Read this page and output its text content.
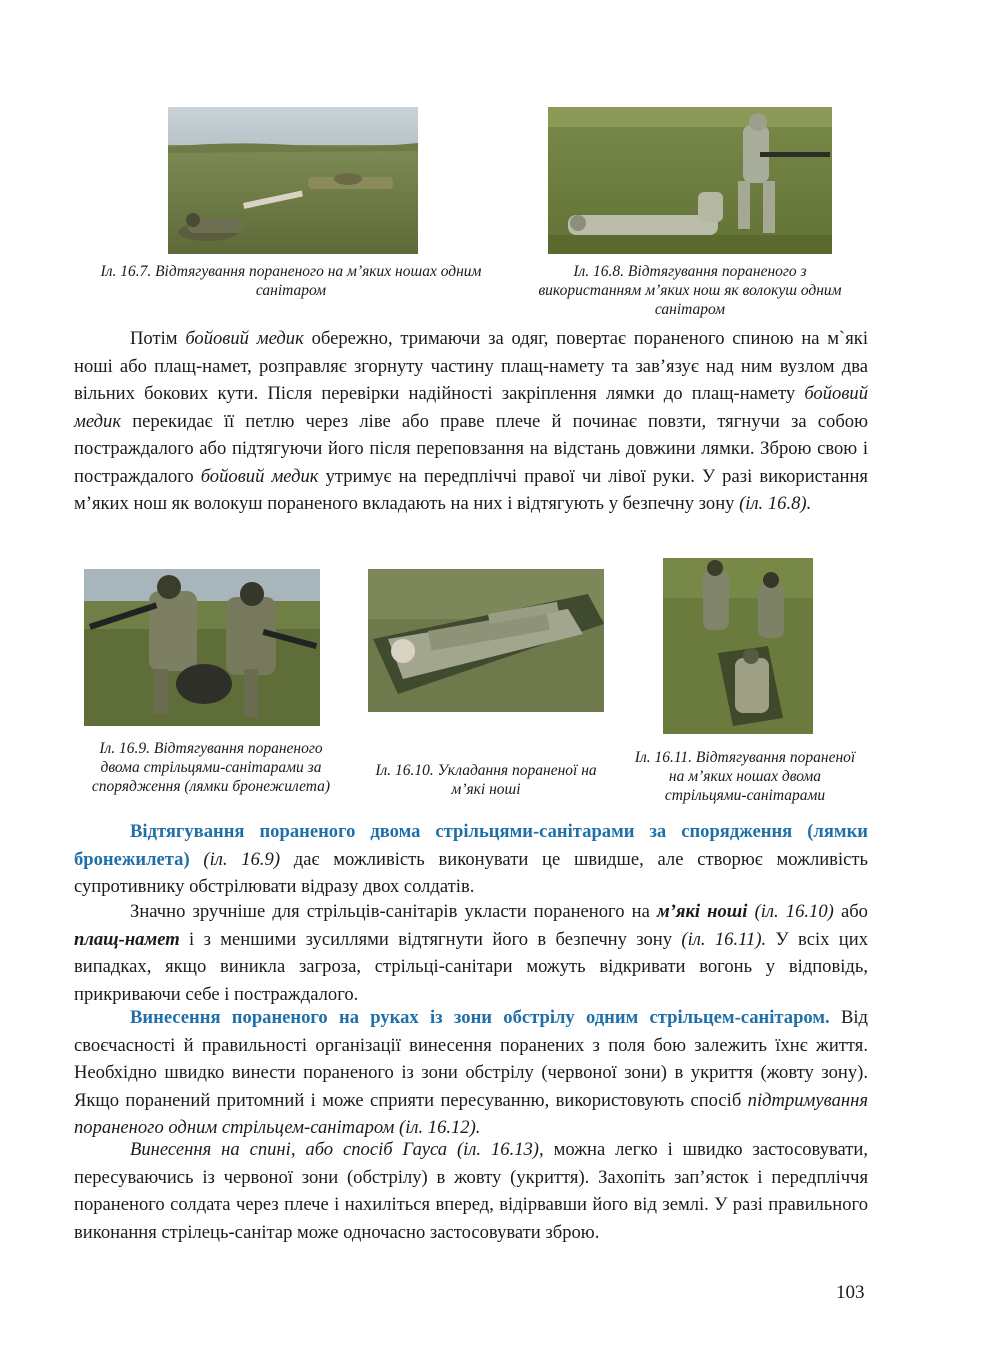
Іл. 16.7. Відтягування пораненого на м’яких ношах одним санітаром
Іл. 16.8. Відтягування пораненого з використанням м’яких нош як волокуш одним санітаром

Потім бойовий медик обережно, тримаючи за одяг, повертає пораненого спиною на м`які ноші або плащ-намет, розправляє згорнуту частину плащ-намету та зав’язує над ним вузлом два вільних бокових кути. Після перевірки надійності закріплення лямки до плащ-намету бойовий медик перекидає її петлю через ліве або праве плече й починає повзти, тягнучи за собою постраждалого або підтягуючи його після переповзання на відстань довжини лямки. Зброю свою і постраждалого бойовий медик утримує на передпліччі правої чи лівої руки. У разі використання м’яких нош як волокуш пораненого вкладають на них і відтягують у безпечну зону (іл. 16.8).

Іл. 16.9. Відтягування пораненого двома стрільцями-санітарами за спорядження (лямки бронежилета)
Іл. 16.10. Укладання пораненої на м’які ноші
Іл. 16.11. Відтягування пораненої на м’яких ношах двома стрільцями-санітарами

Відтягування пораненого двома стрільцями-санітарами за спорядження (лямки бронежилета) (іл. 16.9) дає можливість виконувати це швидше, але створює можливість супротивнику обстрілювати відразу двох солдатів.

Значно зручніше для стрільців-санітарів укласти пораненого на м’які ноші (іл. 16.10) або плащ-намет і з меншими зусиллями відтягнути його в безпечну зону (іл. 16.11). У всіх цих випадках, якщо виникла загроза, стрільці-санітари можуть відкривати вогонь у відповідь, прикриваючи себе і постраждалого.

Винесення пораненого на руках із зони обстрілу одним стрільцем-санітаром. Від своєчасності й правильності організації винесення поранених з поля бою залежить їхнє життя. Необхідно швидко винести пораненого із зони обстрілу (червоної зони) в укриття (жовту зону). Якщо поранений притомний і може сприяти пересуванню, використовують спосіб підтримування пораненого одним стрільцем-санітаром (іл. 16.12).

Винесення на спині, або спосіб Гауса (іл. 16.13), можна легко і швидко застосовувати, пересуваючись із червоної зони (обстрілу) в жовту (укриття). Захопіть зап’ясток і передпліччя пораненого солдата через плече і нахиліться вперед, відірвавши його від землі. У разі правильного виконання стрілець-санітар може одночасно застосовувати зброю.

103
